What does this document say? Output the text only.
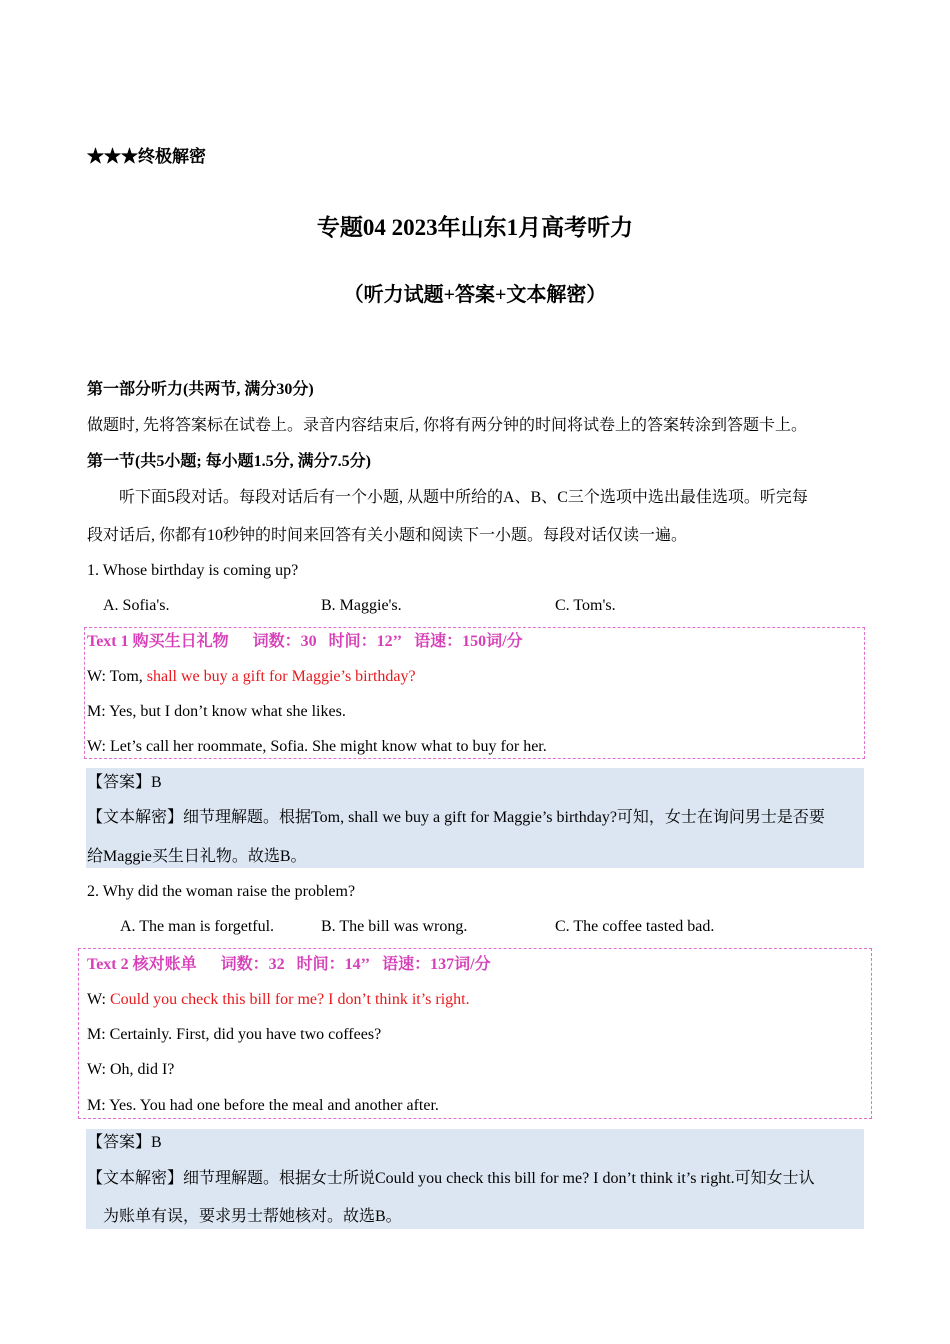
★★★终极解密
专题04 2023年山东1月高考听力
（听力试题+答案+文本解密）
第一部分听力(共两节, 满分30分)
做题时, 先将答案标在试卷上。录音内容结束后, 你将有两分钟的时间将试卷上的答案转涂到答题卡上。
第一节(共5小题; 每小题1.5分, 满分7.5分)
听下面5段对话。每段对话后有一个小题, 从题中所给的A、B、C三个选项中选出最佳选项。听完每
段对话后, 你都有10秒钟的时间来回答有关小题和阅读下一小题。每段对话仅读一遍。
1. Whose birthday is coming up?
A. Sofia's.	B. Maggie's.	C. Tom's.
Text 1 购买生日礼物 词数：30 时间：12’’ 语速：150词/分
W: Tom, shall we buy a gift for Maggie’s birthday?
M: Yes, but I don’t know what she likes.
W: Let’s call her roommate, Sofia. She might know what to buy for her.
【答案】B
【文本解密】细节理解题。根据Tom, shall we buy a gift for Maggie’s birthday?可知，女士在询问男士是否要
给Maggie买生日礼物。故选B。
2. Why did the woman raise the problem?
A. The man is forgetful.	B. The bill was wrong.	C. The coffee tasted bad.
Text 2 核对账单 词数：32 时间：14’’ 语速：137词/分
W: Could you check this bill for me? I don’t think it’s right.
M: Certainly. First, did you have two coffees?
W: Oh, did I?
M: Yes. You had one before the meal and another after.
【答案】B
【文本解密】细节理解题。根据女士所说Could you check this bill for me? I don’t think it’s right.可知女士认
为账单有误，要求男士帮她核对。故选B。
